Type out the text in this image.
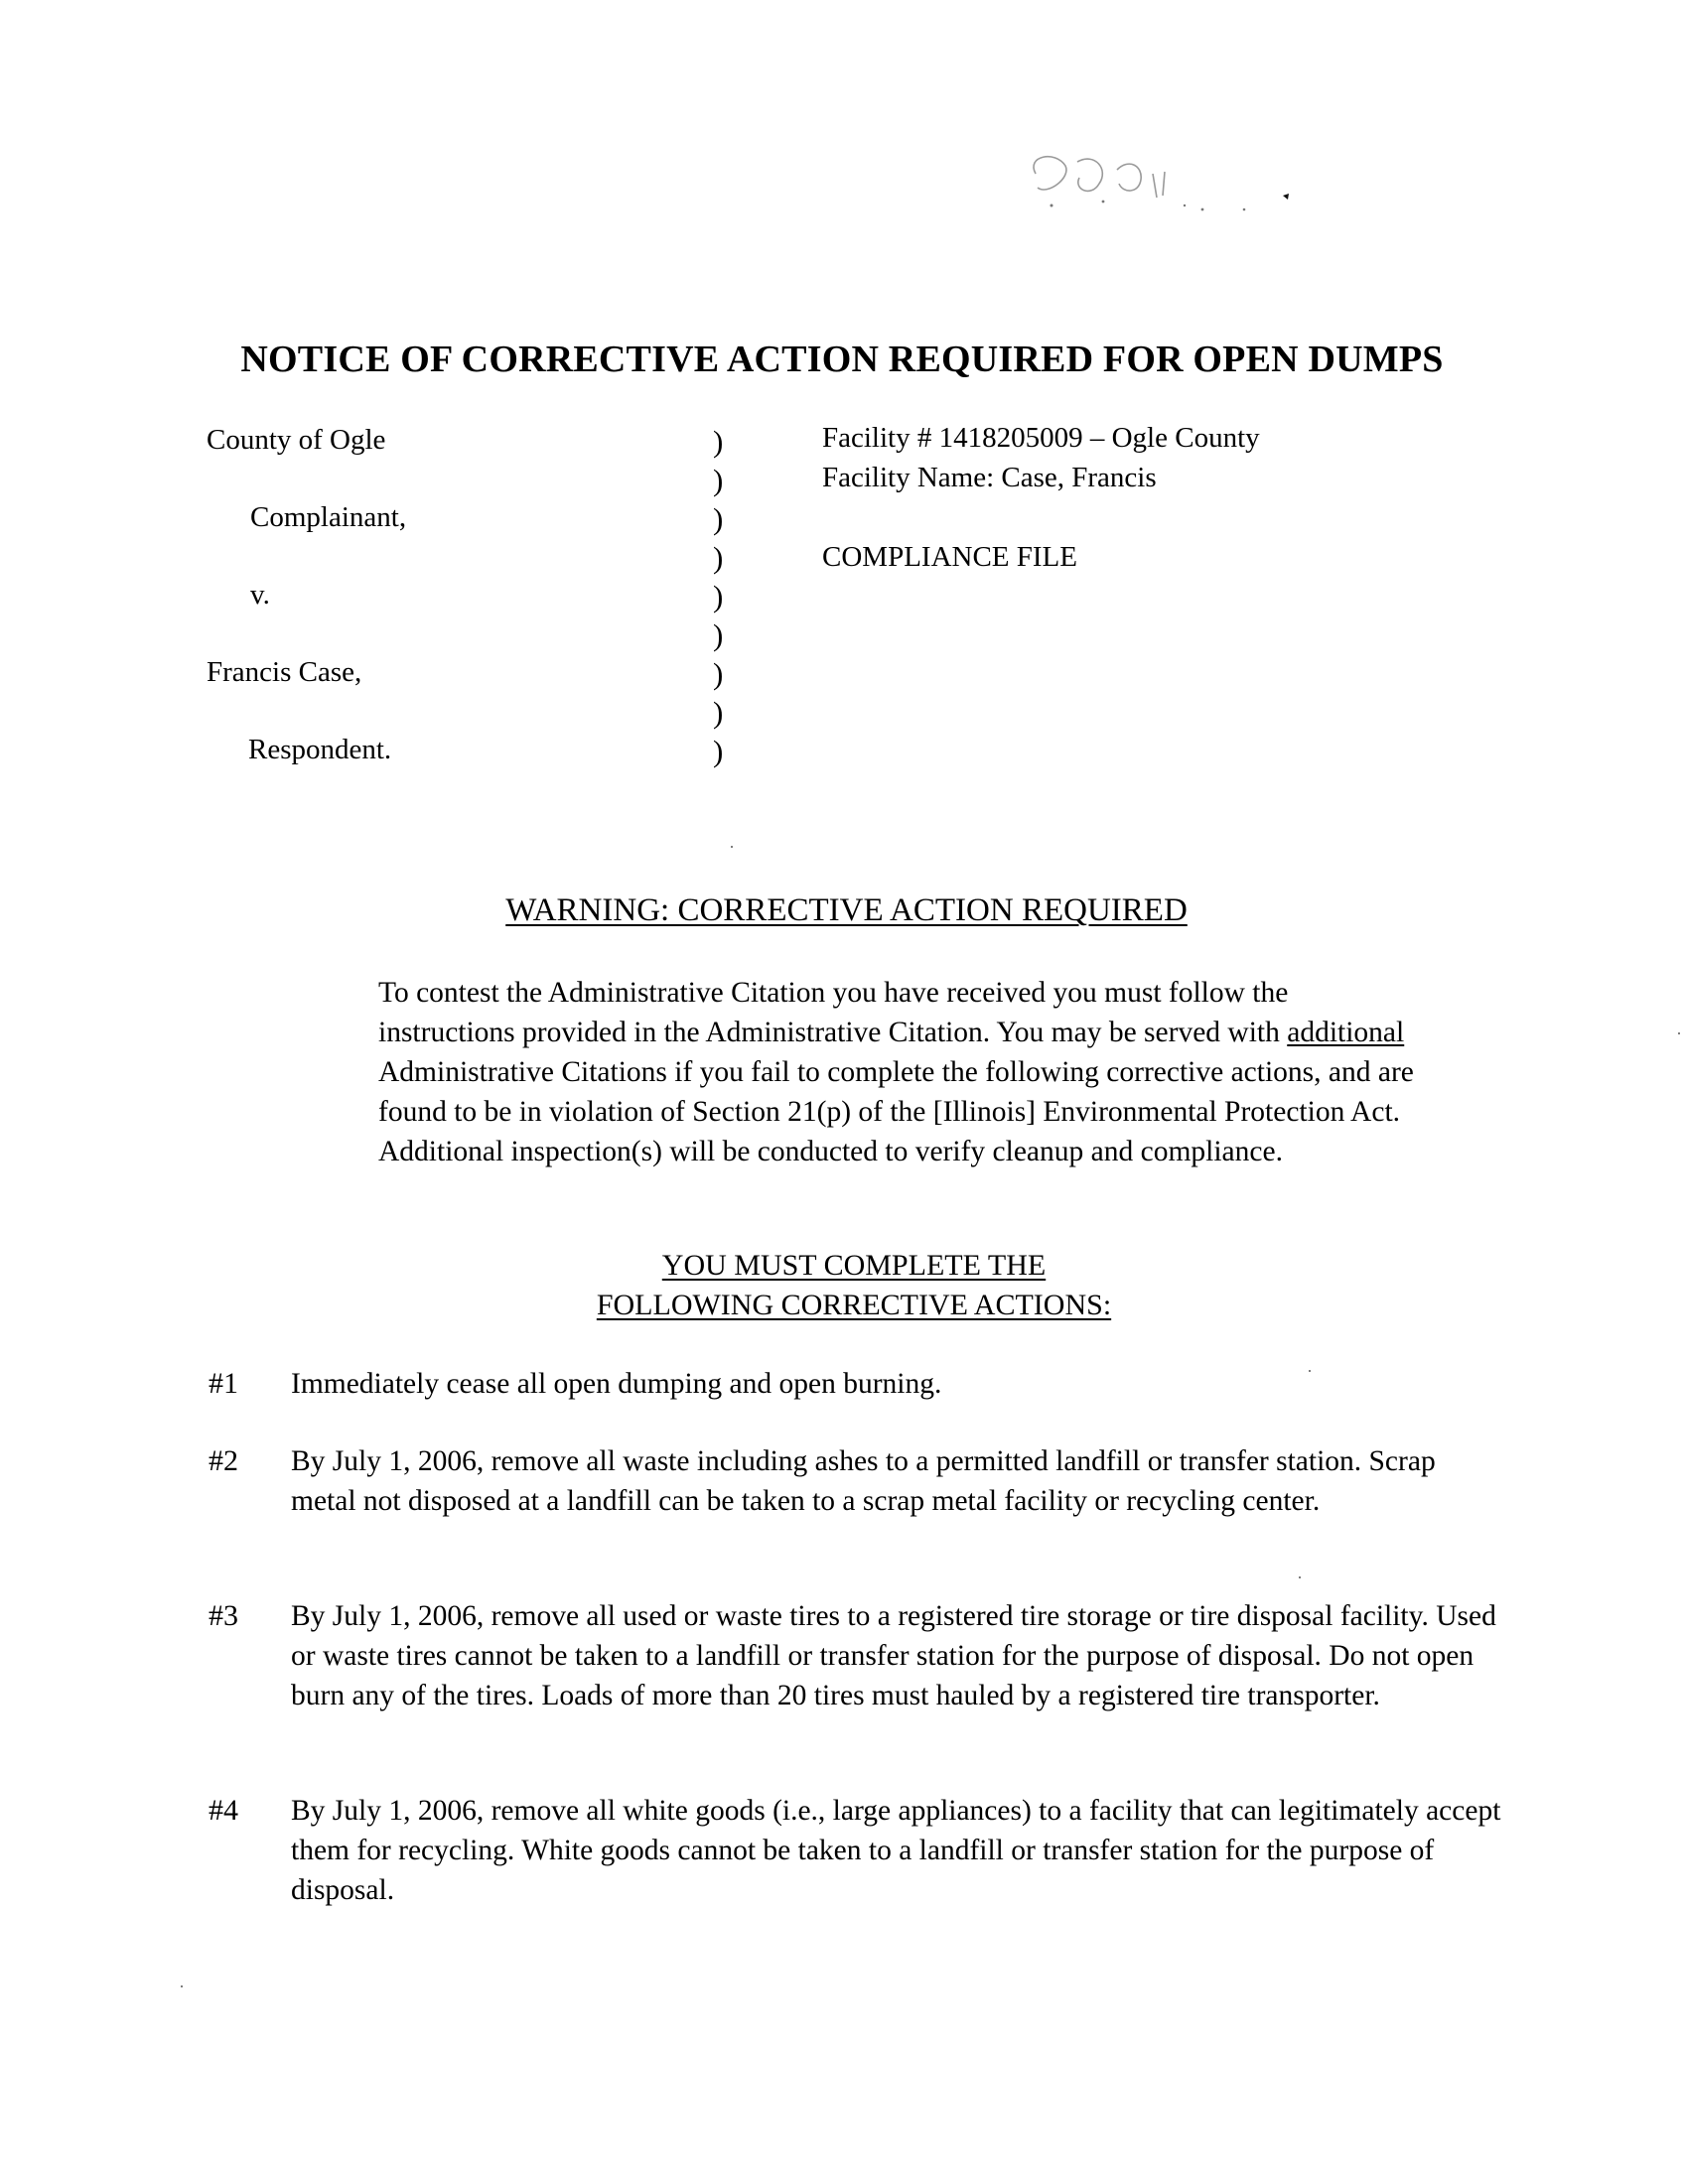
NOTICE OF CORRECTIVE ACTION REQUIRED FOR OPEN DUMPS
County of Ogle
Complainant,
v.
Francis Case,
Respondent.
)
)
)
)
)
)
)
)
)
Facility # 1418205009 – Ogle County
Facility Name: Case, Francis
COMPLIANCE FILE
WARNING: CORRECTIVE ACTION REQUIRED
To contest the Administrative Citation you have received you must follow the instructions provided in the Administrative Citation. You may be served with additional Administrative Citations if you fail to complete the following corrective actions, and are found to be in violation of Section 21(p) of the [Illinois] Environmental Protection Act. Additional inspection(s) will be conducted to verify cleanup and compliance.
YOU MUST COMPLETE THE
FOLLOWING CORRECTIVE ACTIONS:
#1 Immediately cease all open dumping and open burning.
#2 By July 1, 2006, remove all waste including ashes to a permitted landfill or transfer station. Scrap metal not disposed at a landfill can be taken to a scrap metal facility or recycling center.
#3 By July 1, 2006, remove all used or waste tires to a registered tire storage or tire disposal facility. Used or waste tires cannot be taken to a landfill or transfer station for the purpose of disposal. Do not open burn any of the tires. Loads of more than 20 tires must hauled by a registered tire transporter.
#4 By July 1, 2006, remove all white goods (i.e., large appliances) to a facility that can legitimately accept them for recycling. White goods cannot be taken to a landfill or transfer station for the purpose of disposal.
